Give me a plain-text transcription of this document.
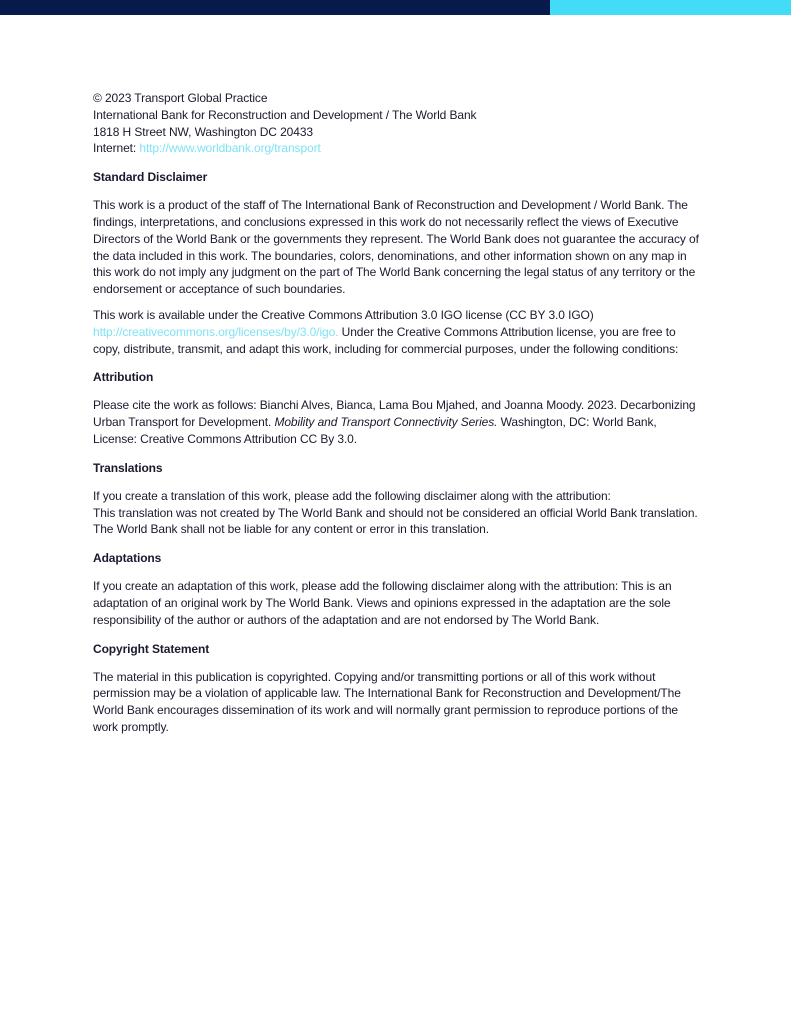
© 2023 Transport Global Practice

International Bank for Reconstruction and Development / The World Bank

1818 H Street NW, Washington DC 20433

Internet: http://www.worldbank.org/transport

Standard Disclaimer

This work is a product of the staff of The International Bank of Reconstruction and Development / World Bank. The findings, interpretations, and conclusions expressed in this work do not necessarily reflect the views of Executive Directors of the World Bank or the governments they represent. The World Bank does not guarantee the accuracy of the data included in this work. The boundaries, colors, denominations, and other information shown on any map in this work do not imply any judgment on the part of The World Bank concerning the legal status of any territory or the endorsement or acceptance of such boundaries.

This work is available under the Creative Commons Attribution 3.0 IGO license (CC BY 3.0 IGO) http://creativecommons.org/licenses/by/3.0/igo. Under the Creative Commons Attribution license, you are free to copy, distribute, transmit, and adapt this work, including for commercial purposes, under the following conditions:

Attribution

Please cite the work as follows: Bianchi Alves, Bianca, Lama Bou Mjahed, and Joanna Moody. 2023. Decarbonizing Urban Transport for Development. Mobility and Transport Connectivity Series. Washington, DC: World Bank, License: Creative Commons Attribution CC By 3.0.

Translations

If you create a translation of this work, please add the following disclaimer along with the attribution:
This translation was not created by The World Bank and should not be considered an official World Bank translation. The World Bank shall not be liable for any content or error in this translation.

Adaptations

If you create an adaptation of this work, please add the following disclaimer along with the attribution: This is an adaptation of an original work by The World Bank. Views and opinions expressed in the adaptation are the sole responsibility of the author or authors of the adaptation and are not endorsed by The World Bank.

Copyright Statement

The material in this publication is copyrighted. Copying and/or transmitting portions or all of this work without permission may be a violation of applicable law. The International Bank for Reconstruction and Development/The World Bank encourages dissemination of its work and will normally grant permission to reproduce portions of the work promptly.
